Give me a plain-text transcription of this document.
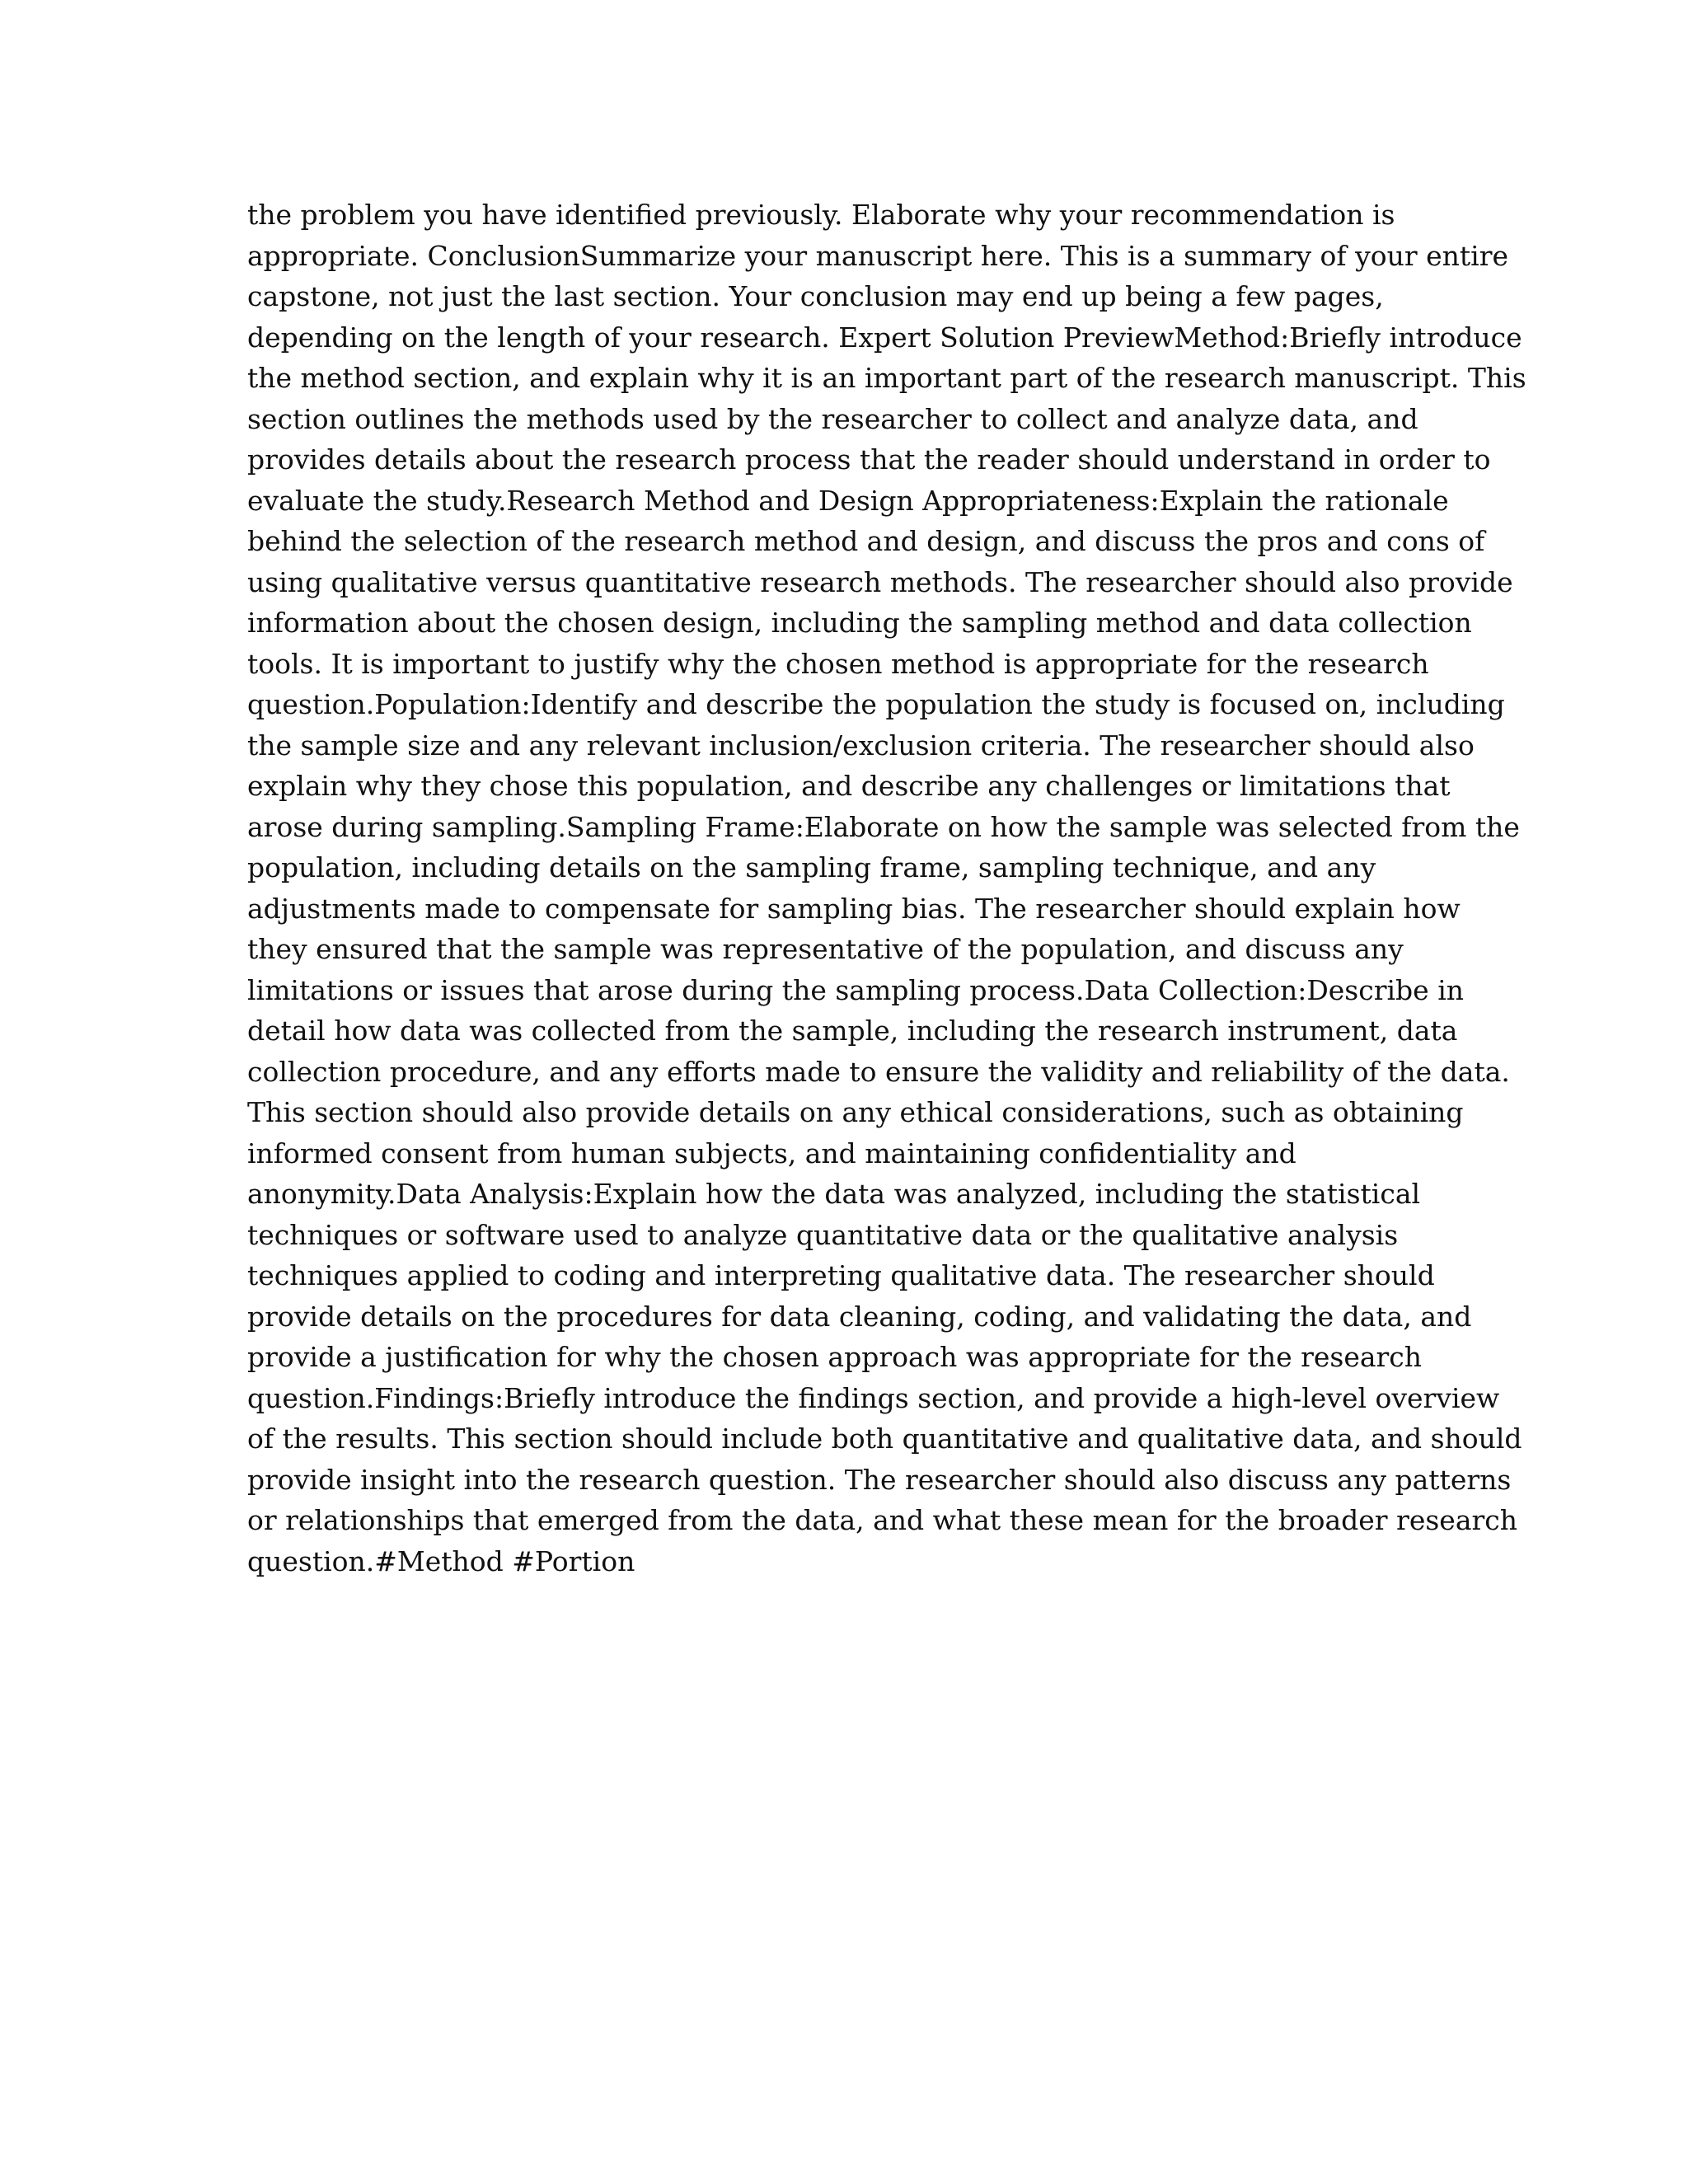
the problem you have identified previously. Elaborate why your recommendation is
appropriate. ConclusionSummarize your manuscript here. This is a summary of your entire
capstone, not just the last section. Your conclusion may end up being a few pages,
depending on the length of your research. Expert Solution PreviewMethod:Briefly introduce
the method section, and explain why it is an important part of the research manuscript. This
section outlines the methods used by the researcher to collect and analyze data, and
provides details about the research process that the reader should understand in order to
evaluate the study.Research Method and Design Appropriateness:Explain the rationale
behind the selection of the research method and design, and discuss the pros and cons of
using qualitative versus quantitative research methods. The researcher should also provide
information about the chosen design, including the sampling method and data collection
tools. It is important to justify why the chosen method is appropriate for the research
question.Population:Identify and describe the population the study is focused on, including
the sample size and any relevant inclusion/exclusion criteria. The researcher should also
explain why they chose this population, and describe any challenges or limitations that
arose during sampling.Sampling Frame:Elaborate on how the sample was selected from the
population, including details on the sampling frame, sampling technique, and any
adjustments made to compensate for sampling bias. The researcher should explain how
they ensured that the sample was representative of the population, and discuss any
limitations or issues that arose during the sampling process.Data Collection:Describe in
detail how data was collected from the sample, including the research instrument, data
collection procedure, and any efforts made to ensure the validity and reliability of the data.
This section should also provide details on any ethical considerations, such as obtaining
informed consent from human subjects, and maintaining confidentiality and
anonymity.Data Analysis:Explain how the data was analyzed, including the statistical
techniques or software used to analyze quantitative data or the qualitative analysis
techniques applied to coding and interpreting qualitative data. The researcher should
provide details on the procedures for data cleaning, coding, and validating the data, and
provide a justification for why the chosen approach was appropriate for the research
question.Findings:Briefly introduce the findings section, and provide a high-level overview
of the results. This section should include both quantitative and qualitative data, and should
provide insight into the research question. The researcher should also discuss any patterns
or relationships that emerged from the data, and what these mean for the broader research
question.#Method #Portion
